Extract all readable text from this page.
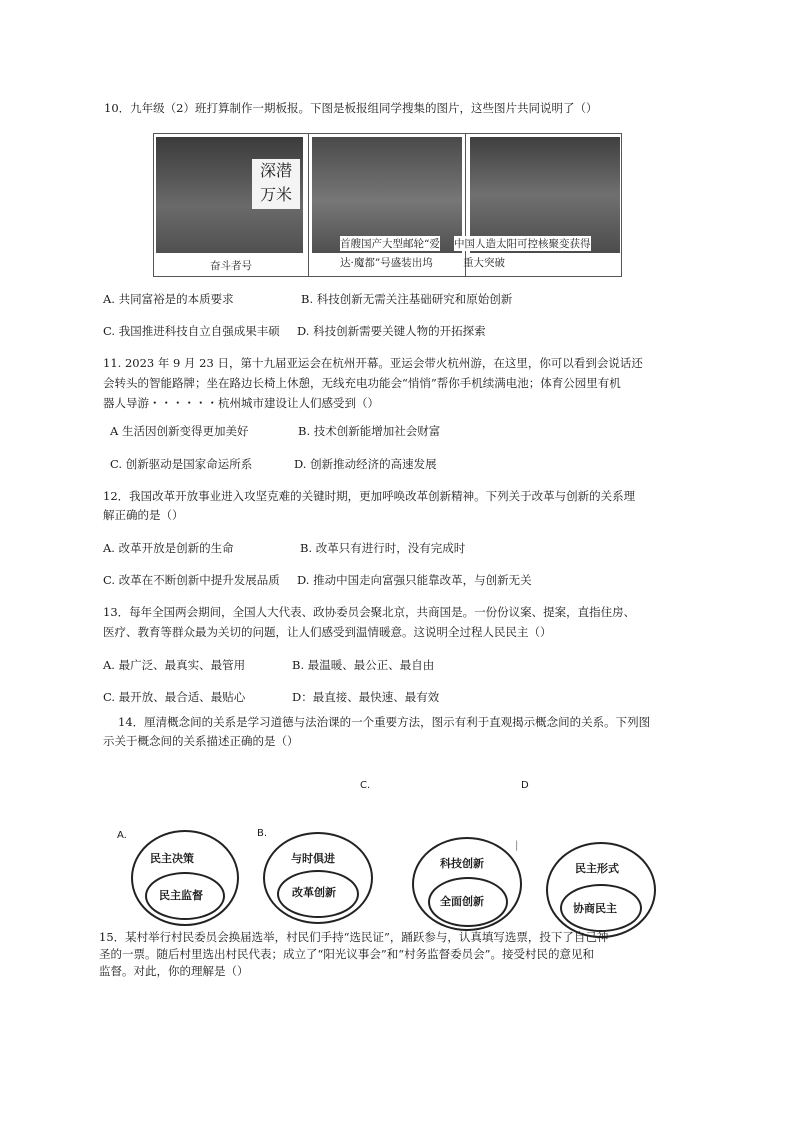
10．九年级（2）班打算制作一期板报。下图是板报组同学搜集的图片，这些图片共同说明了（）
深潜
万米
奋斗者号
首艘国产大型邮轮“爱
达·魔都”号盛装出坞
中国人造太阳可控核聚变获得
重大突破
A. 共同富裕是的本质要求	B. 科技创新无需关注基础研究和原始创新
C. 我国推进科技自立自强成果丰硕 D. 科技创新需要关键人物的开拓探索
11. 2023 年 9 月 23 日，第十九届亚运会在杭州开幕。亚运会带火杭州游，在这里，你可以看到会说话还
会转头的智能路牌；坐在路边长椅上休憩，无线充电功能会“悄悄”帮你手机续满电池；体育公园里有机
器人导游・・・・・・杭州城市建设让人们感受到（）
A 生活因创新变得更加美好	B. 技术创新能增加社会财富
C. 创新驱动是国家命运所系	D. 创新推动经济的高速发展
12．我国改革开放事业进入攻坚克难的关键时期，更加呼唤改革创新精神。下列关于改革与创新的关系理
解正确的是（）
A. 改革开放是创新的生命	B. 改革只有进行时，没有完成时
C. 改革在不断创新中提升发展品质 D. 推动中国走向富强只能靠改革，与创新无关
13．每年全国两会期间，全国人大代表、政协委员会聚北京，共商国是。一份份议案、提案，直指住房、
医疗、教育等群众最为关切的问题，让人们感受到温情暖意。这说明全过程人民民主（）
A. 最广泛、最真实、最管用	B. 最温暖、最公正、最自由
C. 最开放、最合适、最贴心	D：最直接、最快速、最有效
14．厘清概念间的关系是学习道德与法治课的一个重要方法，图示有利于直观揭示概念间的关系。下列图
示关于概念间的关系描述正确的是（）
C.	D
A.
民主决策
民主监督
B.
与时俱进
改革创新
科技创新
全面创新
|
民主形式
协商民主
15．某村举行村民委员会换届选举，村民们手持“选民证”，踊跃参与，认真填写选票，投下了自己神
圣的一票。随后村里选出村民代表；成立了“阳光议事会”和“村务监督委员会”。接受村民的意见和
监督。对此，你的理解是（）
